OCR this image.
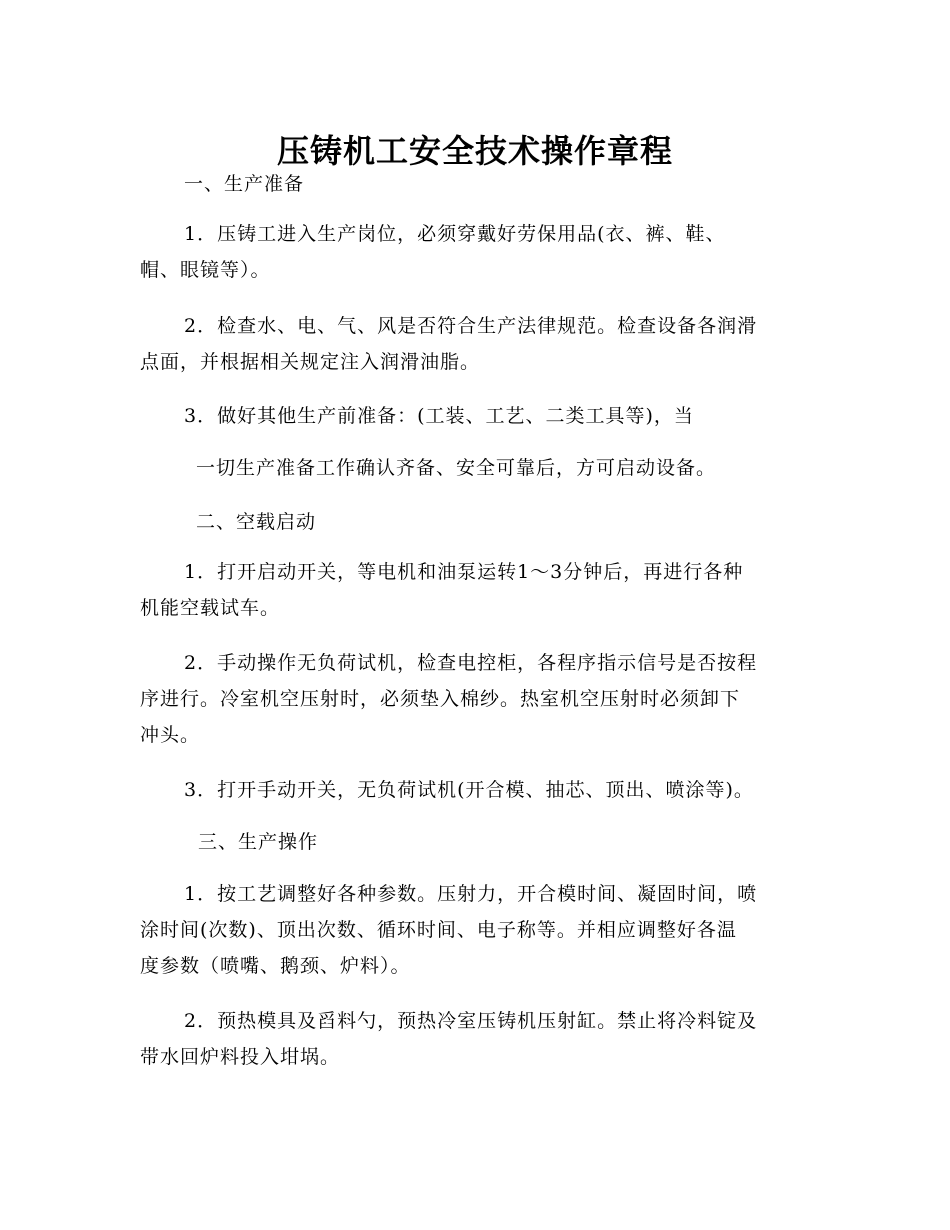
压铸机工安全技术操作章程

一、生产准备

1．压铸工进入生产岗位，必须穿戴好劳保用品(衣、裤、鞋、
帽、眼镜等）。
2．检查水、电、气、风是否符合生产法律规范。检查设备各润滑
点面，并根据相关规定注入润滑油脂。
3．做好其他生产前准备：(工装、工艺、二类工具等)，当
一切生产准备工作确认齐备、安全可靠后，方可启动设备。

二、空载启动

1．打开启动开关，等电机和油泵运转1～3分钟后，再进行各种
机能空载试车。
2．手动操作无负荷试机，检查电控柜，各程序指示信号是否按程
序进行。冷室机空压射时，必须垫入棉纱。热室机空压射时必须卸下
冲头。
3．打开手动开关，无负荷试机(开合模、抽芯、顶出、喷涂等)。

三、生产操作

1．按工艺调整好各种参数。压射力，开合模时间、凝固时间，喷
涂时间(次数)、顶出次数、循环时间、电子称等。并相应调整好各温
度参数（喷嘴、鹅颈、炉料）。
2．预热模具及舀料勺，预热冷室压铸机压射缸。禁止将冷料锭及
带水回炉料投入坩埚。
